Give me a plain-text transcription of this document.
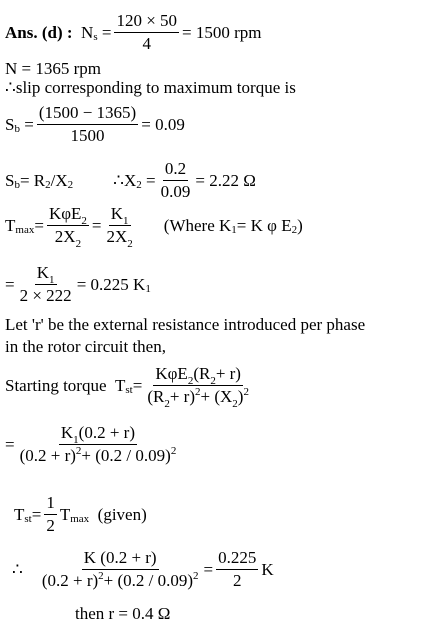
Ans. (d) :
N s
= $\frac{120 \times 50}{4} = 1500$ rpm
N = 1365 rpm
∴ slip corresponding to maximum torque is
S b
= $\frac{(1500 - 1365)}{1500} = 0.09$
S b = R 2 /X 2 ∴ X 2
= $\frac{0.2}{0.09} = 2.22$ Ω
T $\max = \frac{K\varphi E_2}{2X_2} = \frac{K_1}{2X_2}$ (Where K 1 = K φ E 2 )
= $\frac{K_1}{2 \times 222} = 0.225$ K 1
Let 'r' be the external resistance introduced per phase
in the rotor circuit then,
Starting torque
T st = $\frac{K\varphi E_2(R_2+ r)}{(R_2+ r)^2+ (X_2)^2}$
= $\frac{K_1(0.2 + r)}{(0.2 + r)^2+ (0.2 / 0.09)^2}$
T st = $\frac{1}{2}$ T max
(given)
∴ $\frac{K (0.2 + r)}{(0.2 + r)^2+ (0.2 / 0.09)^2} = \frac{0.225}{2}$ K
then r = 0.4 Ω
